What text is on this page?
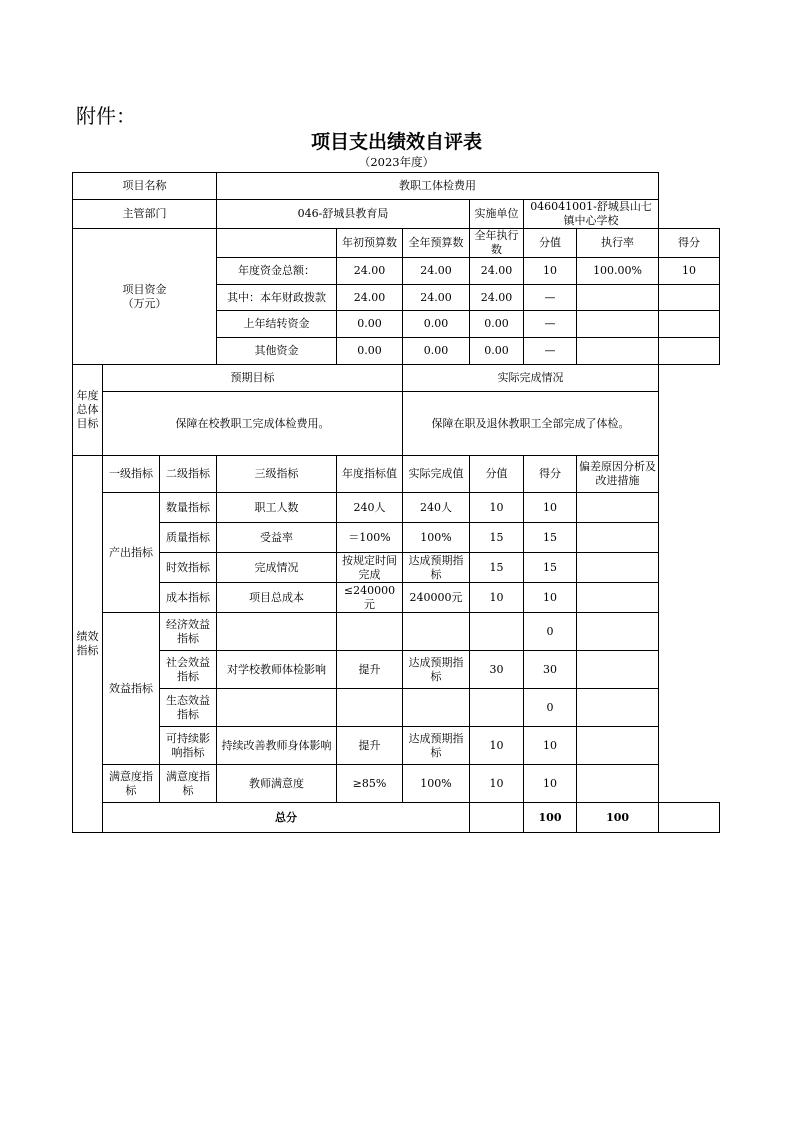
附件：
项目支出绩效自评表
（2023年度）
项目名称			教职工体检费用						
主管部门			046-舒城县教育局			实施单位	046041001-舒城县山七镇中心学校		

项目资金
（万元）				年初预算数	全年预算数	全年执行数	分值	执行率	得分
			年度资金总额：	24.00	24.00	24.00	10	100.00%	10
			其中：本年财政拨款	24.00	24.00	24.00	—		
			上年结转资金	0.00	0.00	0.00	—		
			其他资金	0.00	0.00	0.00	—		
年度总体目标	预期目标				实际完成情况				
	保障在校教职工完成体检费用。				保障在职及退休教职工全部完成了体检。				
绩效指标	一级指标	二级指标	三级指标	年度指标值	实际完成值	分值	得分	偏差原因分析及改进措施	
	产出指标	数量指标	职工人数	240人	240人	10	10		
		质量指标	受益率	＝100%	100%	15	15		
		时效指标	完成情况	按规定时间完成	达成预期指标	15	15		
		成本指标	项目总成本	≤240000元	240000元	10	10		
	效益指标	经济效益指标					0		
		社会效益指标	对学校教师体检影响	提升	达成预期指标	30	30		
		生态效益指标					0		
		可持续影响指标	持续改善教师身体影响	提升	达成预期指标	10	10		
	满意度指标	满意度指标	教师满意度	≥85%	100%	10	10		
	总分						100	100	
